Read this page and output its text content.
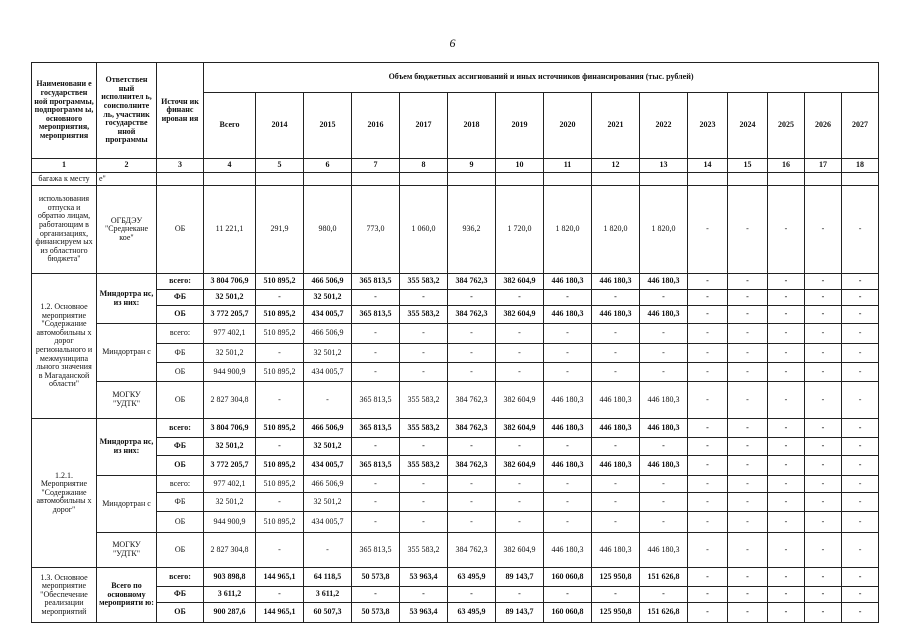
6
Наименовани е государствен ной программы, подпрограмм ы, основного мероприятия, мероприятия	Ответствен ный исполнител ь, соисполните ль, участник государстве нной программы	Источн ик финанс ирован ия	Объем бюджетных ассигнований и иных источников финансирования (тыс. рублей)														
			Всего	2014	2015	2016	2017	2018	2019	2020	2021	2022	2023	2024	2025	2026	2027
1	2	3	4	5	6	7	8	9	10	11	12	13	14	15	16	17	18
багажа к месту	е"																
использования отпуска и обратно лицам, работающим в организациях, финансируем ых из областного бюджета"	ОГБДЭУ "Среднекане кое"	ОБ	11 221,1	291,9	980,0	773,0	1 060,0	936,2	1 720,0	1 820,0	1 820,0	1 820,0	-	-	-	-	-
1.2. Основное мероприятие "Содержание автомобильны х дорог регионального и межмуниципа льного значения в Магаданской области"	Миндортра нс, из них:	всего:	3 804 706,9	510 895,2	466 506,9	365 813,5	355 583,2	384 762,3	382 604,9	446 180,3	446 180,3	446 180,3	-	-	-	-	-
		ФБ	32 501,2	-	32 501,2	-	-	-	-	-	-	-	-	-	-	-	-
		ОБ	3 772 205,7	510 895,2	434 005,7	365 813,5	355 583,2	384 762,3	382 604,9	446 180,3	446 180,3	446 180,3	-	-	-	-	-
	Миндортран с	всего:	977 402,1	510 895,2	466 506,9	-	-	-	-	-	-	-	-	-	-	-	-
		ФБ	32 501,2	-	32 501,2	-	-	-	-	-	-	-	-	-	-	-	-
		ОБ	944 900,9	510 895,2	434 005,7	-	-	-	-	-	-	-	-	-	-	-	-
	МОГКУ "УДТК"	ОБ	2 827 304,8	-	-	365 813,5	355 583,2	384 762,3	382 604,9	446 180,3	446 180,3	446 180,3	-	-	-	-	-
1.2.1. Мероприятие "Содержание автомобильны х дорог"	Миндортра нс, из них:	всего:	3 804 706,9	510 895,2	466 506,9	365 813,5	355 583,2	384 762,3	382 604,9	446 180,3	446 180,3	446 180,3	-	-	-	-	-
		ФБ	32 501,2	-	32 501,2	-	-	-	-	-	-	-	-	-	-	-	-
		ОБ	3 772 205,7	510 895,2	434 005,7	365 813,5	355 583,2	384 762,3	382 604,9	446 180,3	446 180,3	446 180,3	-	-	-	-	-
	Миндортран с	всего:	977 402,1	510 895,2	466 506,9	-	-	-	-	-	-	-	-	-	-	-	-
		ФБ	32 501,2	-	32 501,2	-	-	-	-	-	-	-	-	-	-	-	-
		ОБ	944 900,9	510 895,2	434 005,7	-	-	-	-	-	-	-	-	-	-	-	-
	МОГКУ "УДТК"	ОБ	2 827 304,8	-	-	365 813,5	355 583,2	384 762,3	382 604,9	446 180,3	446 180,3	446 180,3	-	-	-	-	-
1.3. Основное мероприятие "Обеспечение реализации мероприятий	Всего по основному мероприяти ю:	всего:	903 898,8	144 965,1	64 118,5	50 573,8	53 963,4	63 495,9	89 143,7	160 060,8	125 950,8	151 626,8	-	-	-	-	-
		ФБ	3 611,2	-	3 611,2	-	-	-	-	-	-	-	-	-	-	-	-
		ОБ	900 287,6	144 965,1	60 507,3	50 573,8	53 963,4	63 495,9	89 143,7	160 060,8	125 950,8	151 626,8	-	-	-	-	-
